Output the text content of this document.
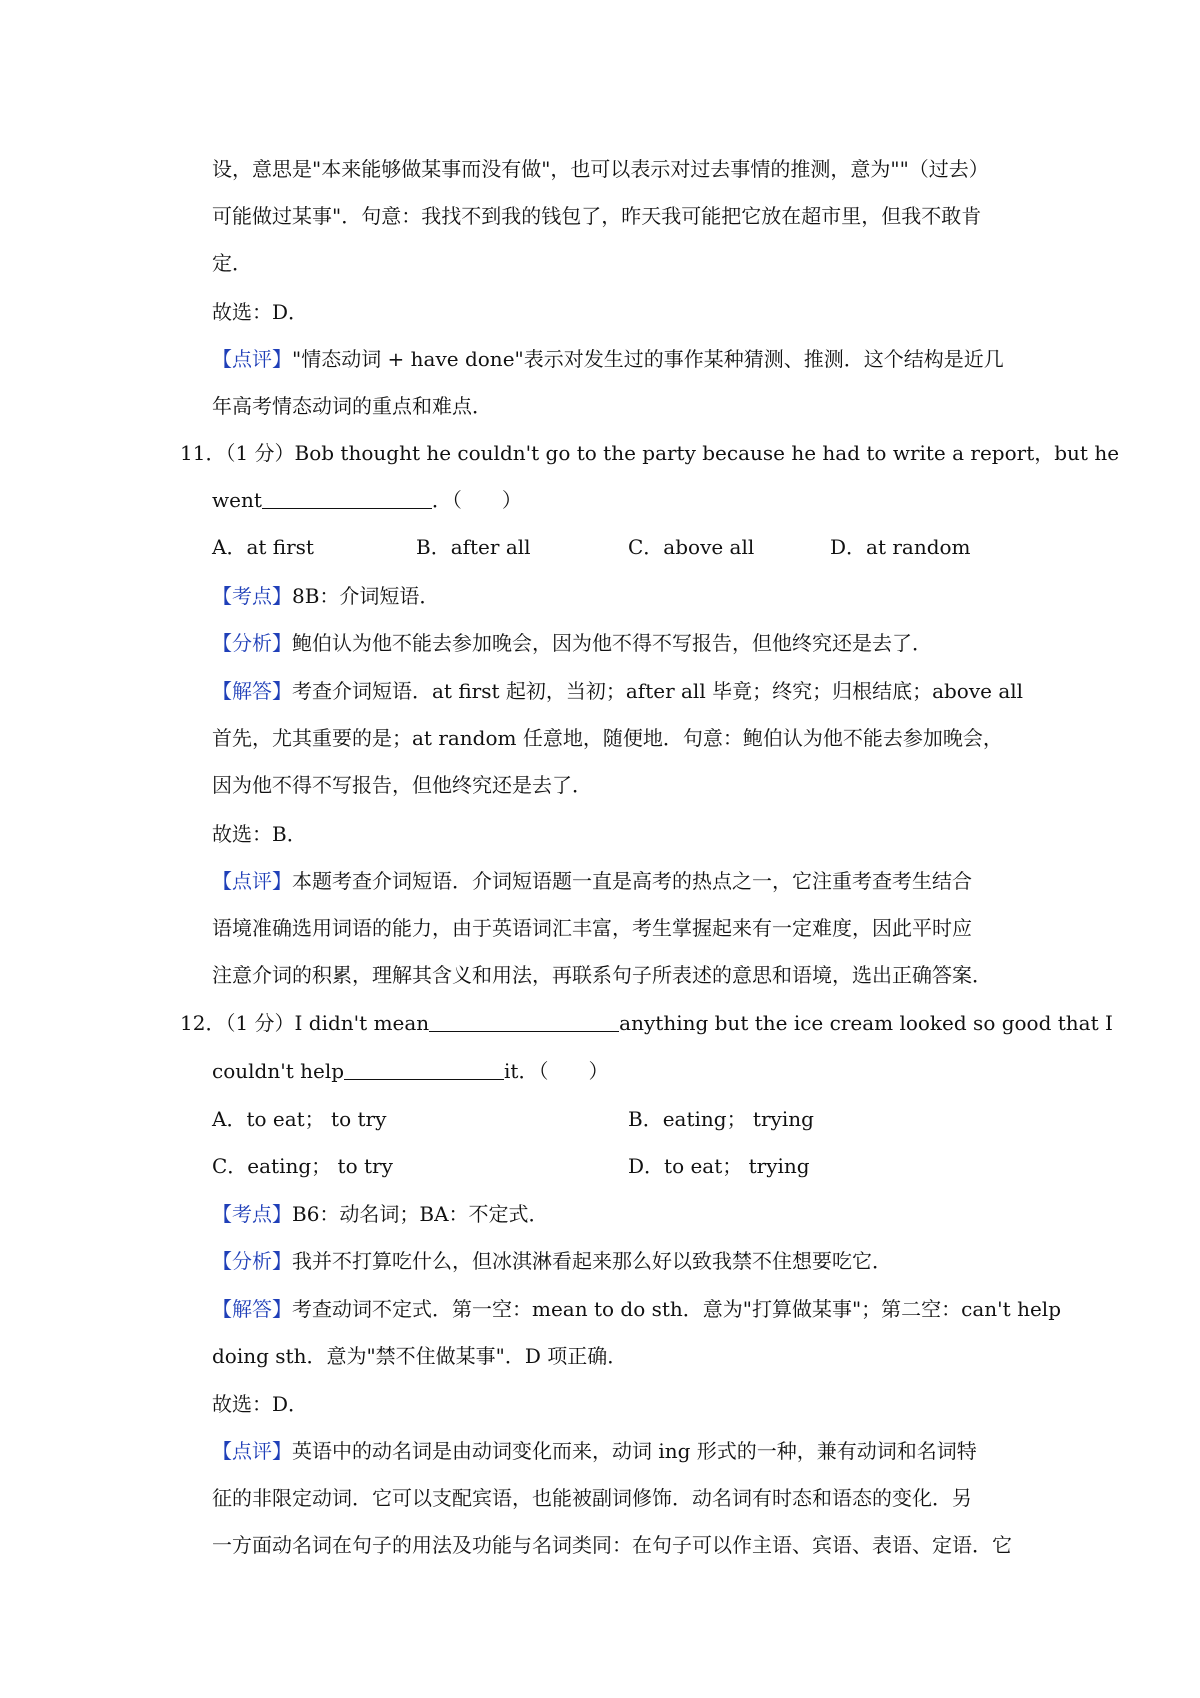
设，意思是"本来能够做某事而没有做"，也可以表示对过去事情的推测，意为""（过去）
可能做过某事"．句意：我找不到我的钱包了，昨天我可能把它放在超市里，但我不敢肯
定．
故选：D．
【点评】"情态动词 + have done"表示对发生过的事作某种猜测、推测．这个结构是近几
年高考情态动词的重点和难点．
11．（1 分）Bob thought he couldn't go to the party because he had to write a report， but he
went	．（　　）
A．at first	B．after all	C．above all	D．at random
【考点】8B：介词短语．
【分析】鲍伯认为他不能去参加晚会，因为他不得不写报告，但他终究还是去了．
【解答】考查介词短语．at first 起初，当初；after all 毕竟；终究；归根结底；above all
首先，尤其重要的是；at random 任意地，随便地．句意：鲍伯认为他不能去参加晚会，
因为他不得不写报告，但他终究还是去了．
故选：B．
【点评】本题考查介词短语．介词短语题一直是高考的热点之一，它注重考查考生结合
语境准确选用词语的能力，由于英语词汇丰富，考生掌握起来有一定难度，因此平时应
注意介词的积累，理解其含义和用法，再联系句子所表述的意思和语境，选出正确答案．
12．（1 分）I didn't mean	anything but the ice cream looked so good that I
couldn't help	it．（　　）
A．to eat； to try	B．eating； trying
C．eating； to try	D．to eat； trying
【考点】B6：动名词；BA：不定式．
【分析】我并不打算吃什么，但冰淇淋看起来那么好以致我禁不住想要吃它．
【解答】考查动词不定式．第一空：mean to do sth．意为"打算做某事"；第二空：can't help
doing sth．意为"禁不住做某事"．D 项正确．
故选：D．
【点评】英语中的动名词是由动词变化而来，动词 ing 形式的一种，兼有动词和名词特
征的非限定动词．它可以支配宾语，也能被副词修饰．动名词有时态和语态的变化．另
一方面动名词在句子的用法及功能与名词类同：在句子可以作主语、宾语、表语、定语．它
